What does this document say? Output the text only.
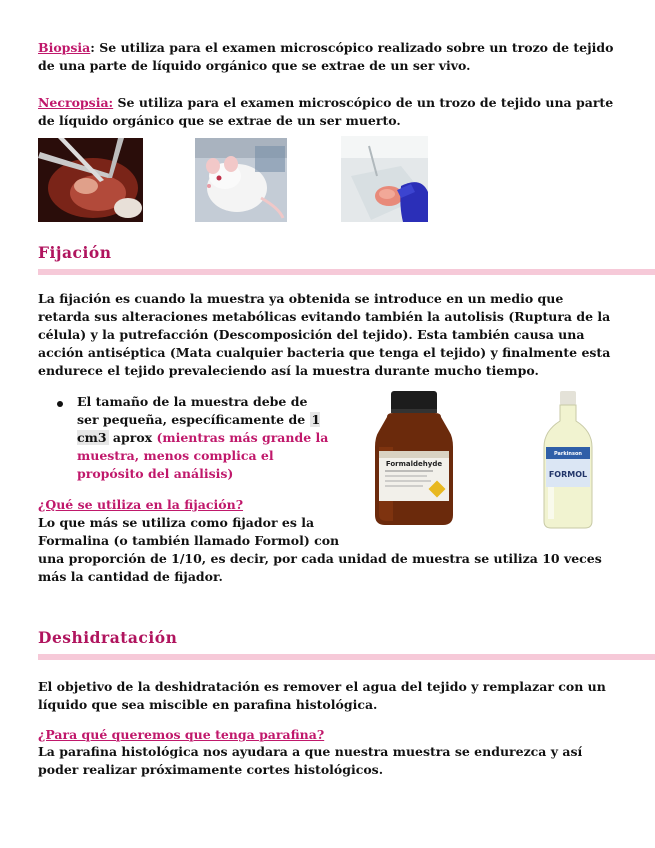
Biopsia: Se utiliza para el examen microscópico realizado sobre un trozo de tejido de una parte de líquido orgánico que se extrae de un ser vivo.
Necropsia: Se utiliza para el examen microscópico de un trozo de tejido una parte de líquido orgánico que se extrae de un ser muerto.
Fijación
La fijación es cuando la muestra ya obtenida se introduce en un medio que retarda sus alteraciones metabólicas evitando también la autolisis (Ruptura de la célula) y la putrefacción (Descomposición del tejido). Esta también causa una acción antiséptica (Mata cualquier bacteria que tenga el tejido) y finalmente esta endurece el tejido prevaleciendo así la muestra durante mucho tiempo.
El tamaño de la muestra debe de ser pequeña, específicamente de 1 cm3 aprox (mientras más grande la muestra, menos complica el propósito del análisis)
¿Qué se utiliza en la fijación?
Lo que más se utiliza como fijador es la
Formalina (o también llamado Formol) con
una proporción de 1/10, es decir, por cada unidad de muestra se utiliza 10 veces más la cantidad de fijador.
Formaldehyde
Parkinson
FORMOL
Deshidratación
El objetivo de la deshidratación es remover el agua del tejido y remplazar con un líquido que sea miscible en parafina histológica.
¿Para qué queremos que tenga parafina?
La parafina histológica nos ayudara a que nuestra muestra se endurezca y así poder realizar próximamente cortes histológicos.
